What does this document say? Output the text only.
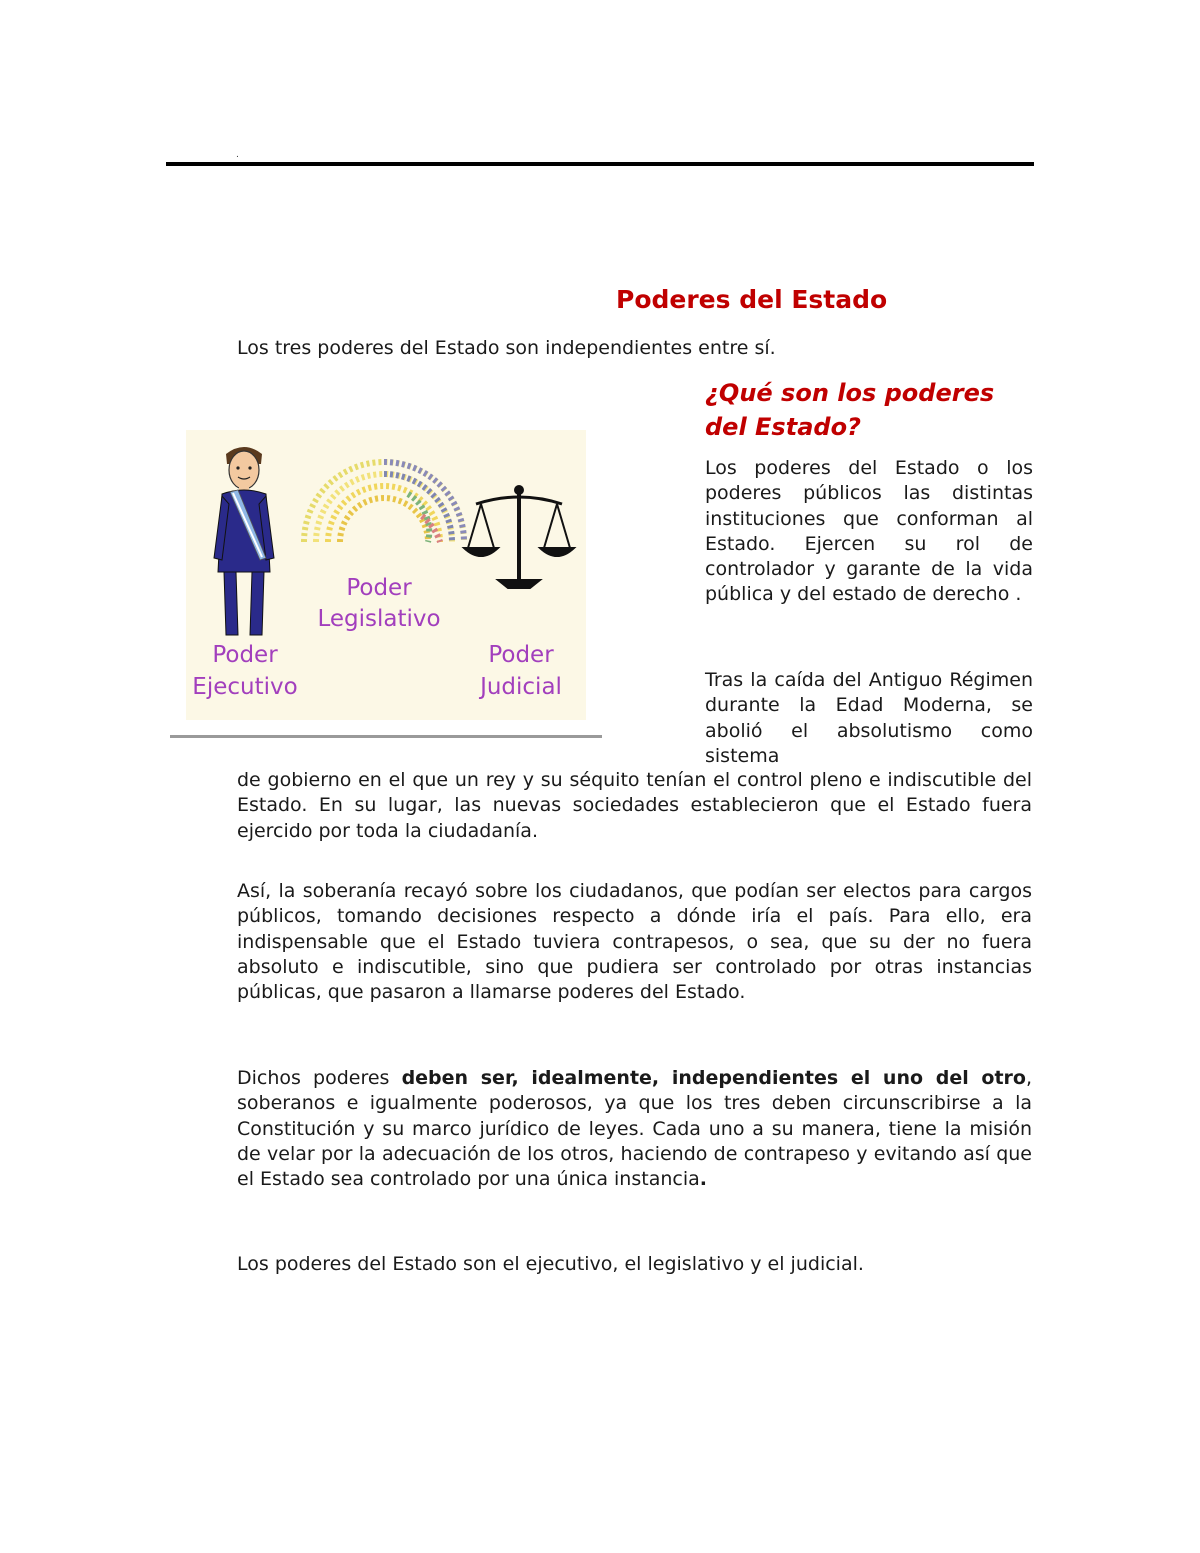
.
Poderes del Estado

Los tres poderes del Estado son independientes entre sí.

Poder
Legislativo
Poder
Ejecutivo
Poder
Judicial
¿Qué son los poderes del Estado?

Los poderes del Estado o los poderes públicos las distintas instituciones que conforman al Estado. Ejercen su rol de controlador y garante de la vida pública y del estado de derecho .

Tras la caída del Antiguo Régimen durante la Edad Moderna, se abolió el absolutismo como sistema

de gobierno en el que un rey y su séquito tenían el control pleno e indiscutible del Estado. En su lugar, las nuevas sociedades establecieron que el Estado fuera ejercido por toda la ciudadanía.

Así, la soberanía recayó sobre los ciudadanos, que podían ser electos para cargos públicos, tomando decisiones respecto a dónde iría el país. Para ello, era indispensable que el Estado tuviera contrapesos, o sea, que su der no fuera absoluto e indiscutible, sino que pudiera ser controlado por otras instancias públicas, que pasaron a llamarse poderes del Estado.

Dichos poderes deben ser, idealmente, independientes el uno del otro, soberanos e igualmente poderosos, ya que los tres deben circunscribirse a la Constitución y su marco jurídico de leyes. Cada uno a su manera, tiene la misión de velar por la adecuación de los otros, haciendo de contrapeso y evitando así que el Estado sea controlado por una única instancia.

Los poderes del Estado son el ejecutivo, el legislativo y el judicial.
